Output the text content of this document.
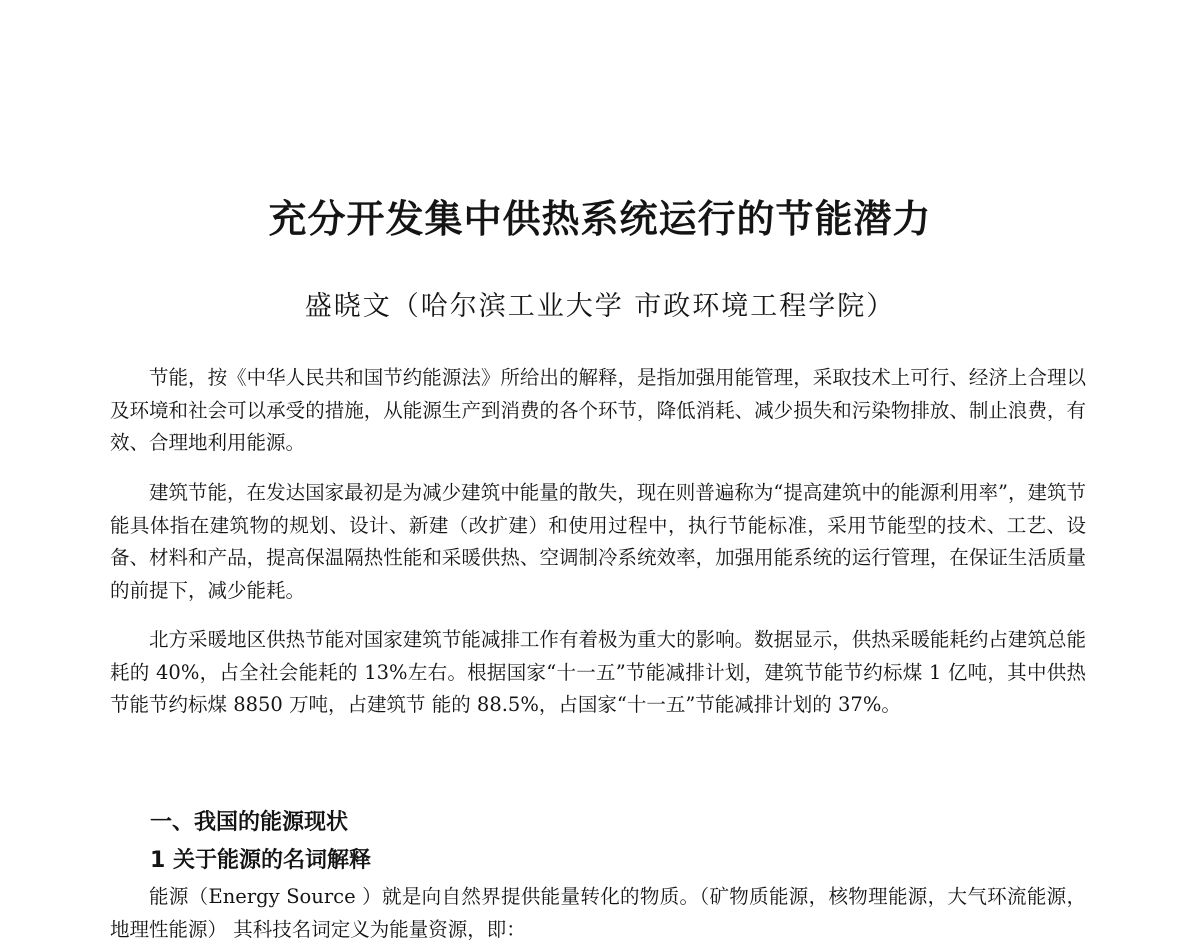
充分开发集中供热系统运行的节能潜力
盛晓文（哈尔滨工业大学 市政环境工程学院）

节能，按《中华人民共和国节约能源法》所给出的解释，是指加强用能管理，采取技术上可行、经济上合理以及环境和社会可以承受的措施，从能源生产到消费的各个环节，降低消耗、减少损失和污染物排放、制止浪费，有效、合理地利用能源。

建筑节能，在发达国家最初是为减少建筑中能量的散失，现在则普遍称为“提高建筑中的能源利用率”，建筑节能具体指在建筑物的规划、设计、新建（改扩建）和使用过程中，执行节能标准，采用节能型的技术、工艺、设备、材料和产品，提高保温隔热性能和采暖供热、空调制冷系统效率，加强用能系统的运行管理，在保证生活质量的前提下，减少能耗。

北方采暖地区供热节能对国家建筑节能减排工作有着极为重大的影响。数据显示，供热采暖能耗约占建筑总能耗的 40%，占全社会能耗的 13%左右。根据国家“十一五”节能减排计划，建筑节能节约标煤 1 亿吨，其中供热节能节约标煤 8850 万吨，占建筑节 能的 88.5%，占国家“十一五”节能减排计划的 37%。

一、我国的能源现状
1 关于能源的名词解释

能源（Energy Source ）就是向自然界提供能量转化的物质。（矿物质能源，核物理能源，大气环流能源，地理性能源） 其科技名词定义为能量资源，即：
